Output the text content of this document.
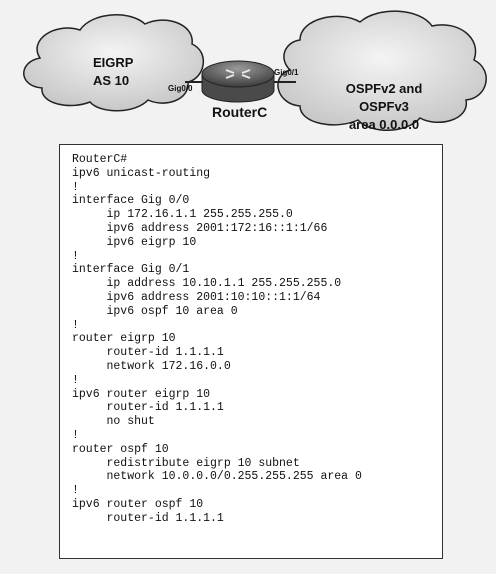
EIGRP
AS 10
OSPFv2 and OSPFv3
area 0.0.0.0
Gig0/0
Gig0/1
RouterC
RouterC#
ipv6 unicast-routing
!
interface Gig 0/0
ip 172.16.1.1 255.255.255.0
ipv6 address 2001:172:16::1:1/66
ipv6 eigrp 10
!
interface Gig 0/1
ip address 10.10.1.1 255.255.255.0
ipv6 address 2001:10:10::1:1/64
ipv6 ospf 10 area 0
!
router eigrp 10
router-id 1.1.1.1
network 172.16.0.0
!
ipv6 router eigrp 10
router-id 1.1.1.1
no shut
!
router ospf 10
redistribute eigrp 10 subnet
network 10.0.0.0/0.255.255.255 area 0
!
ipv6 router ospf 10
router-id 1.1.1.1
